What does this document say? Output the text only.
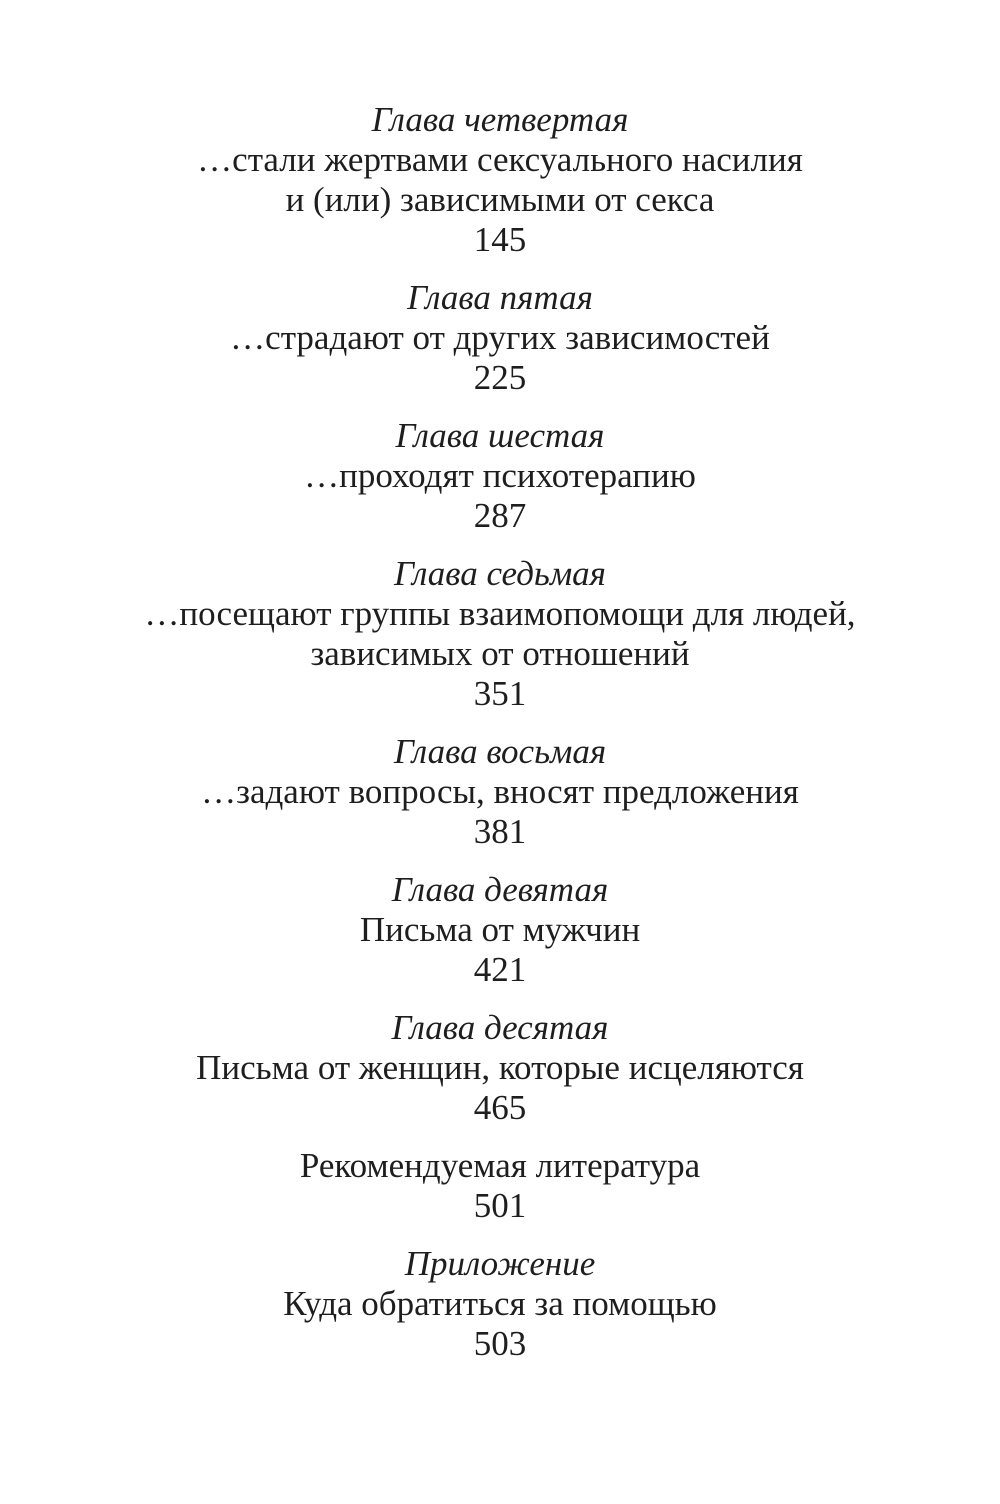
Глава четвертая
…стали жертвами сексуального насилия
и (или) зависимыми от секса
145
Глава пятая
…страдают от других зависимостей
225
Глава шестая
…проходят психотерапию
287
Глава седьмая
…посещают группы взаимопомощи для людей,
зависимых от отношений
351
Глава восьмая
…задают вопросы, вносят предложения
381
Глава девятая
Письма от мужчин
421
Глава десятая
Письма от женщин, которые исцеляются
465
Рекомендуемая литература
501
Приложение
Куда обратиться за помощью
503
